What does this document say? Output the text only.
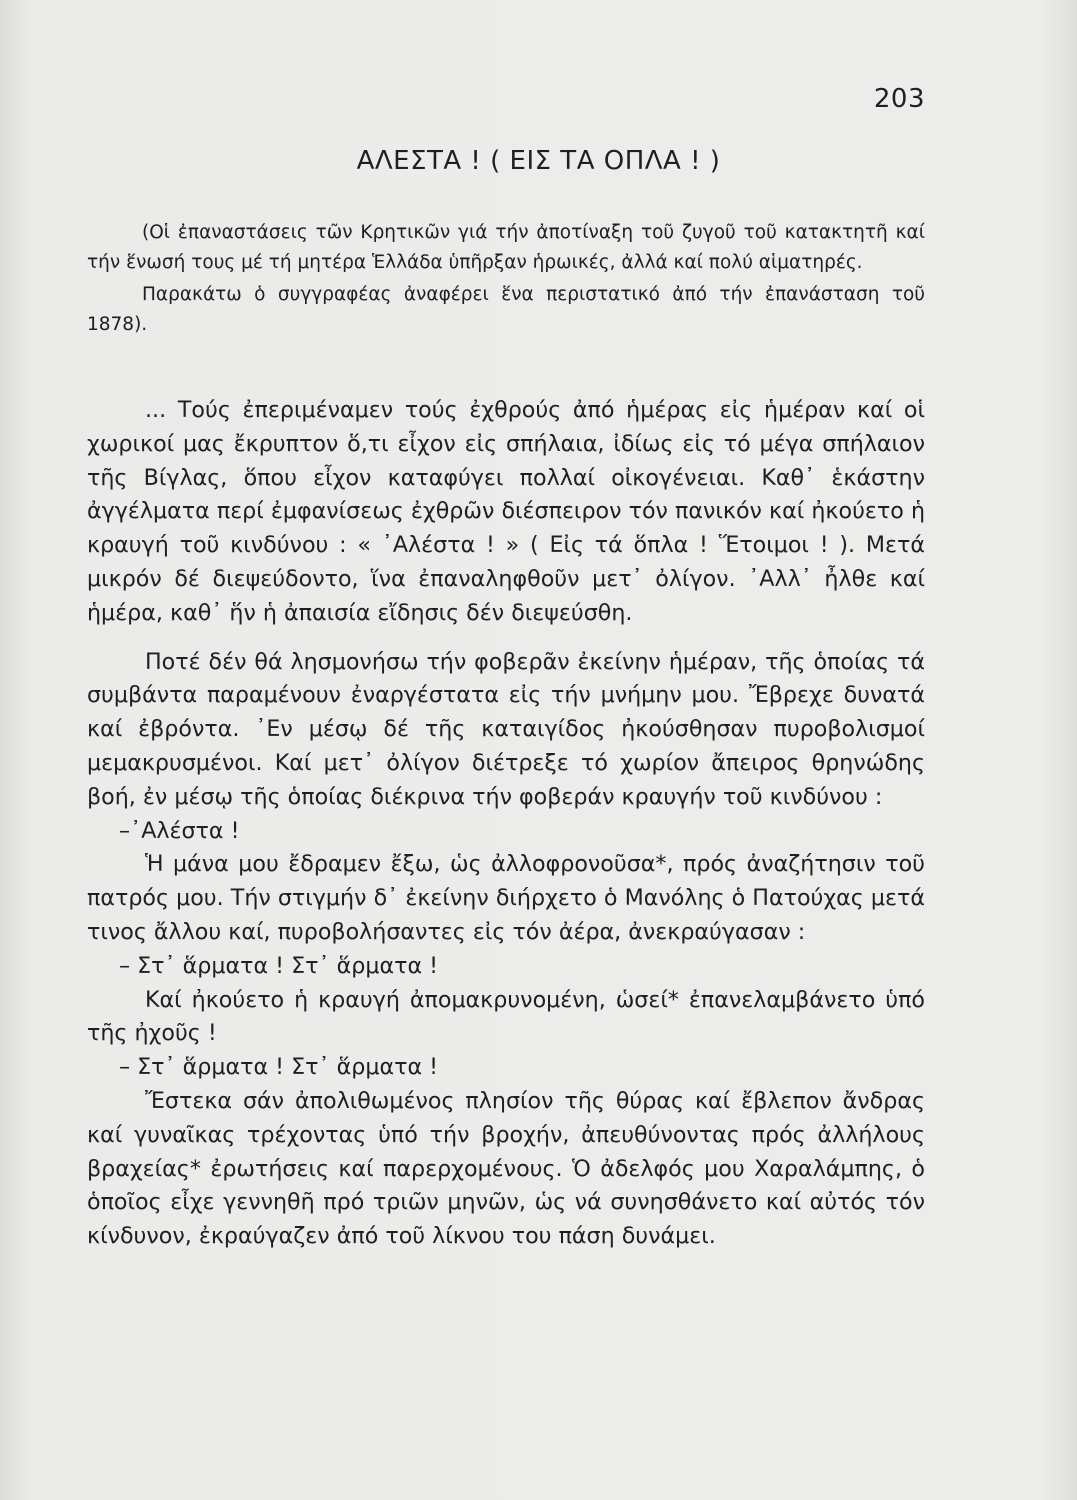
203
ΑΛΕΣΤΑ ! ( ΕΙΣ ΤΑ ΟΠΛΑ ! )

(Οἱ ἐπαναστάσεις τῶν Κρητικῶν γιά τήν ἀποτίναξη τοῦ ζυγοῦ τοῦ κατακτητῆ καί τήν ἕνωσή τους μέ τή μητέρα Ἑλλάδα ὑπῆρξαν ἡρωικές, ἀλλά καί πολύ αἱματηρές.

Παρακάτω ὁ συγγραφέας ἀναφέρει ἕνα περιστατικό ἀπό τήν ἐπανάσταση τοῦ 1878).

... Τούς ἐπεριμέναμεν τούς ἐχθρούς ἀπό ἡμέρας εἰς ἡμέραν καί οἱ χωρικοί μας ἔκρυπτον ὅ,τι εἶχον εἰς σπήλαια, ἰδίως εἰς τό μέγα σπήλαιον τῆς Βίγλας, ὅπου εἶχον καταφύγει πολλαί οἰκογένειαι. Καθ᾽ ἑκάστην ἀγγέλματα περί ἐμφανίσεως ἐχθρῶν διέσπειρον τόν πανικόν καί ἠκούετο ἡ κραυγή τοῦ κινδύνου : « ᾽Αλέστα ! » ( Εἰς τά ὅπλα ! Ἕτοιμοι ! ). Μετά μικρόν δέ διεψεύδοντο, ἵνα ἐπαναληφθοῦν μετ᾽ ὀλίγον. ᾽Αλλ᾽ ἦλθε καί ἡμέρα, καθ᾽ ἥν ἡ ἀπαισία εἴδησις δέν διεψεύσθη.

Ποτέ δέν θά λησμονήσω τήν φοβερᾶν ἐκείνην ἡμέραν, τῆς ὁποίας τά συμβάντα παραμένουν ἐναργέστατα εἰς τήν μνήμην μου. Ἔβρεχε δυνατά καί ἐβρόντα. ᾽Εν μέσῳ δέ τῆς καταιγίδος ἠκούσθησαν πυροβολισμοί μεμακρυσμένοι. Καί μετ᾽ ὀλίγον διέτρεξε τό χωρίον ἄπειρος θρηνώδης βοή, ἐν μέσῳ τῆς ὁποίας διέκρινα τήν φοβεράν κραυγήν τοῦ κινδύνου :

–᾽Αλέστα !

Ἡ μάνα μου ἔδραμεν ἔξω, ὡς ἀλλοφρονοῦσα*, πρός ἀναζήτησιν τοῦ πατρός μου. Τήν στιγμήν δ᾽ ἐκείνην διήρχετο ὁ Μανόλης ὁ Πατούχας μετά τινος ἄλλου καί, πυροβολήσαντες εἰς τόν ἀέρα, ἀνεκραύγασαν :

– Στ᾽ ἅρματα ! Στ᾽ ἅρματα !

Καί ἠκούετο ἡ κραυγή ἀπομακρυνομένη, ὡσεί* ἐπανελαμβάνετο ὑπό τῆς ἠχοῦς !

– Στ᾽ ἅρματα ! Στ᾽ ἅρματα !

Ἔστεκα σάν ἀπολιθωμένος πλησίον τῆς θύρας καί ἔβλεπον ἄνδρας καί γυναῖκας τρέχοντας ὑπό τήν βροχήν, ἀπευθύνοντας πρός ἀλλήλους βραχείας* ἐρωτήσεις καί παρερχομένους. Ὁ ἀδελφός μου Χαραλάμπης, ὁ ὁποῖος εἶχε γεννηθῆ πρό τριῶν μηνῶν, ὡς νά συνησθάνετο καί αὐτός τόν κίνδυνον, ἐκραύγαζεν ἀπό τοῦ λίκνου του πάση δυνάμει.
